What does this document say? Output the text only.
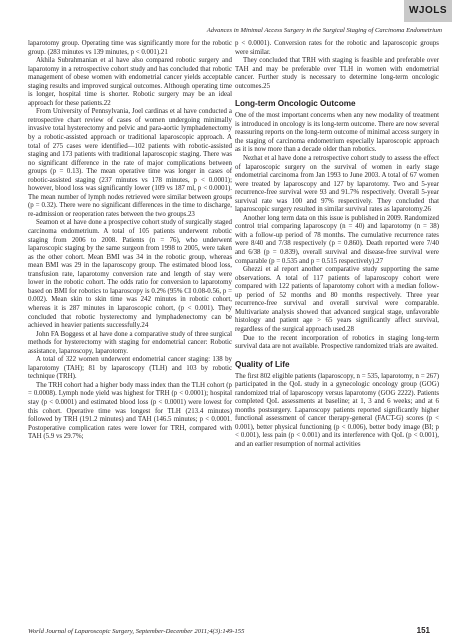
WJOLS
Advances in Minimal Access Surgery in the Surgical Staging of Carcinoma Endometrium

laparotomy group. Operating time was significantly more for the robotic group. (283 minutes vs 139 minutes, p < 0.001).21

Akhila Subrahmanian et al have also compared robotic surgery and laparotomy in a retrospective cohort study and has concluded that robotic management of obese women with endometrial cancer yields acceptable staging results and improved surgical outcomes. Although operating time is longer, hospital time is shorter. Robotic surgery may be an ideal approach for these patients.22

From University of Pennsylvania, Joel cardinas et al have conducted a retrospective chart review of cases of women undergoing minimally invasive total hysterectomy and pelvic and para-aortic lymphadenectomy by a robotic-assisted approach or traditional laparoscopic approach. A total of 275 cases were identified—102 patients with robotic-assisted staging and 173 patients with traditional laparoscopic staging. There was no significant difference in the rate of major complications between groups (p = 0.13). The mean operative time was longer in cases of robotic-assisted staging (237 minutes vs 178 minutes, p < 0.0001); however, blood loss was significantly lower (109 vs 187 ml, p < 0.0001). The mean number of lymph nodes retrieved were similar between groups (p = 0.32). There were no significant differences in the time to discharge, re-admission or reoperation rates between the two groups.23

Seamon et al have done a prospective cohort study of surgically staged carcinoma endometrium. A total of 105 patients underwent robotic staging from 2006 to 2008. Patients (n = 76), who underwent laparoscopic staging by the same surgeon from 1998 to 2005, were taken as the other cohort. Mean BMI was 34 in the robotic group, whereas mean BMI was 29 in the laparoscopy group. The estimated blood loss, transfusion rate, laparotomy conversion rate and length of stay were lower in the robotic cohort. The odds ratio for conversion to laparotomy based on BMI for robotics to laparoscopy is 0.2% (95% CI 0.08-0.56, p = 0.002). Mean skin to skin time was 242 minutes in robotic cohort, whereas it is 287 minutes in laparoscopic cohort, (p < 0.001). They concluded that robotic hysterectomy and lymphadenectomy can be achieved in heavier patients successfully.24

John FA Boggess et al have done a comparative study of three surgical methods for hysterectomy with staging for endometrial cancer: Robotic assistance, laparoscopy, laparotomy.

A total of 322 women underwent endometrial cancer staging: 138 by laparotomy (TAH); 81 by laparoscopy (TLH) and 103 by robotic technique (TRH).

The TRH cohort had a higher body mass index than the TLH cohort (p = 0.0008). Lymph node yield was highest for TRH (p < 0.0001); hospital stay (p < 0.0001) and estimated blood loss (p < 0.0001) were lowest for this cohort. Operative time was longest for TLH (213.4 minutes) followed by TRH (191.2 minutes) and TAH (146.5 minutes; p < 0.0001. Postoperative complication rates were lower for TRH, compared with TAH (5.9 vs 29.7%;

p < 0.0001). Conversion rates for the robotic and laparoscopic groups were similar.

They concluded that TRH with staging is feasible and preferable over TAH and may be preferable over TLH in women with endometrial cancer. Further study is necessary to determine long-term oncologic outcomes.25

Long-term Oncologic Outcome

One of the most important concerns when any new modality of treatment is introduced in oncology is its long-term outcome. There are now several reassuring reports on the long-term outcome of minimal access surgery in the staging of carcinoma endometrium especially laparoscopic approach as it is now more than a decade older than robotics.

Nezhat et al have done a retrospective cohort study to assess the effect of laparoscopic surgery on the survival of women in early stage endometrial carcinoma from Jan 1993 to June 2003. A total of 67 women were treated by laparoscopy and 127 by laparotomy. Two and 5-year recurrence-free survival were 93 and 91.7% respectively. Overall 5-year survival rate was 100 and 97% respectively. They concluded that laparoscopic surgery resulted in similar survival rates as laparotomy.26

Another long term data on this issue is published in 2009. Randomized control trial comparing laparoscopy (n = 40) and laparotomy (n = 38) with a follow-up period of 78 months. The cumulative recurrence rates were 8/40 and 7/38 respectively (p = 0.860). Death reported were 7/40 and 6/38 (p = 0.839), overall survival and disease-free survival were comparable (p = 0.535 and p = 0.515 respectively).27

Ghezzi et al report another comparative study supporting the same observations. A total of 117 patients of laparoscopy cohort were compared with 122 patients of laparotomy cohort with a median follow-up period of 52 months and 80 months respectively. Three year recurrence-free survival and overall survival were comparable. Multivariate analysis showed that advanced surgical stage, unfavorable histology and patient age > 65 years significantly affect survival, regardless of the surgical approach used.28

Due to the recent incorporation of robotics in staging long-term survival data are not available. Prospective randomized trials are awaited.

Quality of Life

The first 802 eligible patients (laparoscopy, n = 535, laparotomy, n = 267) participated in the QoL study in a gynecologic oncology group (GOG) randomized trial of laparoscopy versus laparotomy (GOG 2222). Patients completed QoL assessments at baseline; at 1, 3 and 6 weeks; and at 6 months postsurgery. Laparoscopy patients reported significantly higher functional assessment of cancer therapy-general (FACT-G) scores (p < 0.001), better physical functioning (p < 0.006), better body image (BI; p < 0.001), less pain (p < 0.001) and its interference with QoL (p < 0.001), and an earlier resumption of normal activities

World Journal of Laparoscopic Surgery, September-December 2011;4(3):149-155	151
